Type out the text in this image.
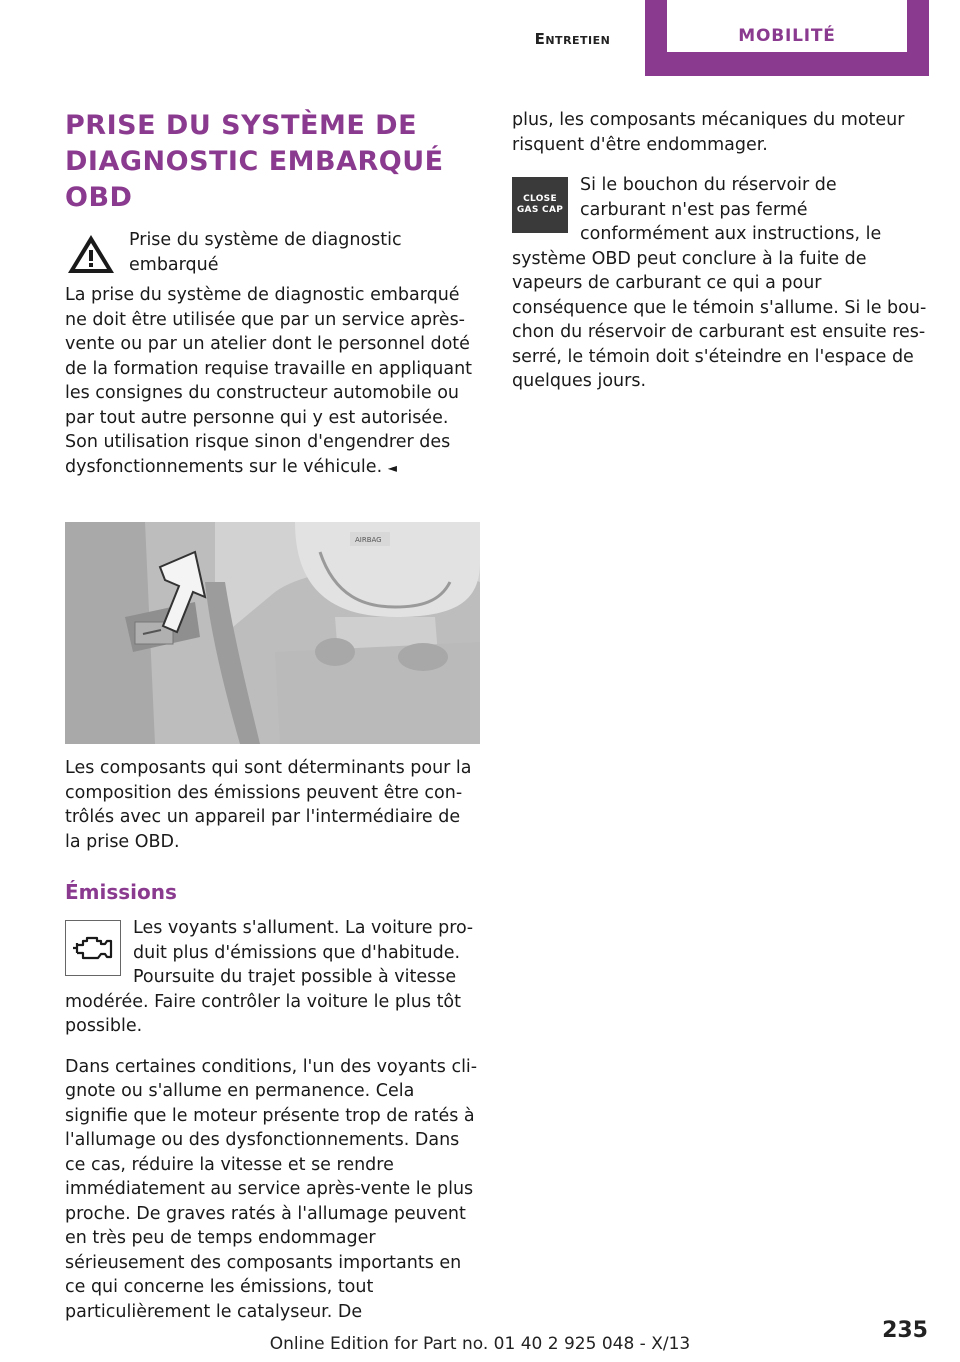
Entretien	MOBILITÉ
PRISE DU SYSTÈME DE DIAGNOSTIC EMBARQUÉ OBD
Prise du système de diagnostic embarqué

La prise du système de diagnostic embarqué ne doit être utilisée que par un service après-vente ou par un atelier dont le personnel doté de la formation requise travaille en appliquant les consignes du constructeur automobile ou par tout autre personne qui y est autorisée. Son utilisation risque sinon d'engendrer des dysfonctionnements sur le véhicule. ◄

AIRBAG

Les composants qui sont déterminants pour la composition des émissions peuvent être contrôlés avec un appareil par l'intermédiaire de la prise OBD.

Émissions

Les voyants s'allument. La voiture produit plus d'émissions que d'habitude. Poursuite du trajet possible à vitesse modérée. Faire contrôler la voiture le plus tôt possible.

Dans certaines conditions, l'un des voyants clignote ou s'allume en permanence. Cela signifie que le moteur présente trop de ratés à l'allumage ou des dysfonctionnements. Dans ce cas, réduire la vitesse et se rendre immédiatement au service après-vente le plus proche. De graves ratés à l'allumage peuvent en très peu de temps endommager sérieusement des composants importants en ce qui concerne les émissions, tout particulièrement le catalyseur. De

plus, les composants mécaniques du moteur risquent d'être endommager.

CLOSE
GAS CAP

Si le bouchon du réservoir de carburant n'est pas fermé conformément aux instructions, le système OBD peut conclure à la fuite de vapeurs de carburant ce qui a pour conséquence que le témoin s'allume. Si le bouchon du réservoir de carburant est ensuite resserré, le témoin doit s'éteindre en l'espace de quelques jours.

235
Online Edition for Part no. 01 40 2 925 048 - X/13
